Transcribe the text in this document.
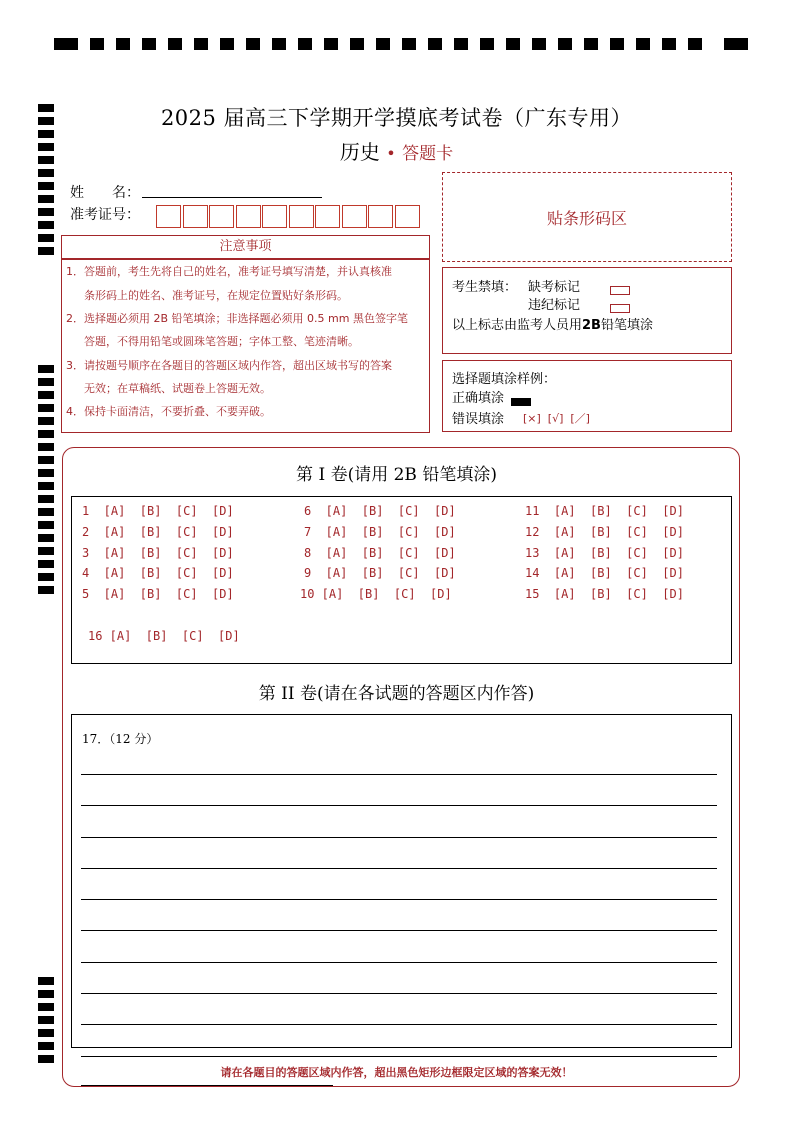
2025 届高三下学期开学摸底考试卷（广东专用）
历史 • 答题卡
姓　　名：
准考证号：	贴条形码区
注意事项
1．答题前，考生先将自己的姓名，准考证号填写清楚，并认真核准
条形码上的姓名、准考证号，在规定位置贴好条形码。
2．选择题必须用 2B 铅笔填涂；非选择题必须用 0.5 mm 黑色签字笔
答题，不得用铅笔或圆珠笔答题；字体工整、笔迹清晰。
3．请按题号顺序在各题目的答题区域内作答，超出区域书写的答案
无效；在草稿纸、试题卷上答题无效。
4．保持卡面清洁，不要折叠、不要弄破。
考生禁填： 缺考标记
违纪标记
以上标志由监考人员用2B铅笔填涂
选择题填涂样例：
正确填涂
错误填涂 [×]  [√]  [／]
第 I 卷(请用 2B 铅笔填涂)
1  [A]  [B]  [C]  [D]
2  [A]  [B]  [C]  [D]
3  [A]  [B]  [C]  [D]
4  [A]  [B]  [C]  [D]
5  [A]  [B]  [C]  [D]
6  [A]  [B]  [C]  [D]
7  [A]  [B]  [C]  [D]
8  [A]  [B]  [C]  [D]
9  [A]  [B]  [C]  [D]
10 [A]  [B]  [C]  [D]
11  [A]  [B]  [C]  [D]
12  [A]  [B]  [C]  [D]
13  [A]  [B]  [C]  [D]
14  [A]  [B]  [C]  [D]
15  [A]  [B]  [C]  [D]
16 [A]  [B]  [C]  [D]
第 II 卷(请在各试题的答题区内作答)
17．（12 分）
请在各题目的答题区域内作答，超出黑色矩形边框限定区域的答案无效！
